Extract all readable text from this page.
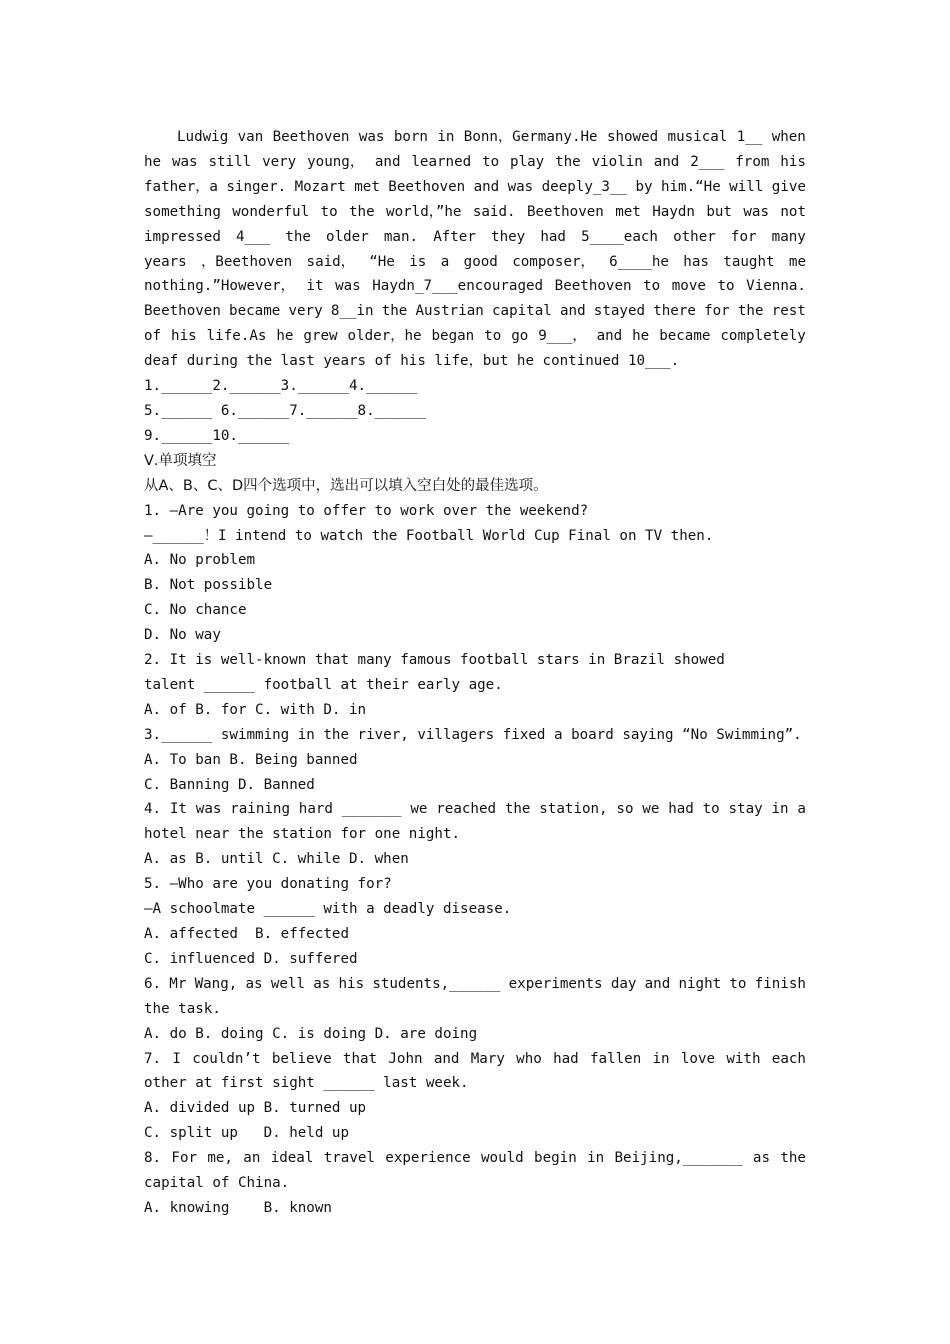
Ludwig van Beethoven was born in Bonn，Germany.He showed musical 1__ when
he was still very young， and learned to play the violin and 2___ from his
father，a singer. Mozart met Beethoven and was deeply_3__ by him.“He will give
something wonderful to the world，”he said. Beethoven met Haydn but was not
impressed 4___ the older man. After they had 5____each other for many
years ，Beethoven said， “He is a good composer， 6____he has taught me
nothing.”However， it was Haydn_7___encouraged Beethoven to move to Vienna.
Beethoven became very 8__in the Austrian capital and stayed there for the rest
of his life.As he grew older，he began to go 9___， and he became completely
deaf during the last years of his life，but he continued 10___.
1.______2.______3.______4.______
5.______ 6.______7.______8.______
9.______10.______
Ⅴ.单项填空
从A、B、C、D四个选项中，选出可以填入空白处的最佳选项。
1. —Are you going to offer to work over the weekend?
—______！I intend to watch the Football World Cup Final on TV then.
A. No problem
B. Not possible
C. No chance
D. No way
2. It is well-known that many famous football stars in Brazil showed
talent ______ football at their early age.
A. of B. for C. with D. in
3.______ swimming in the river, villagers fixed a board saying “No Swimming”.
A. To ban B. Being banned
C. Banning D. Banned
4. It was raining hard _______ we reached the station, so we had to stay in a
hotel near the station for one night.
A. as B. until C. while D. when
5. —Who are you donating for?
—A schoolmate ______ with a deadly disease.
A. affected  B. effected
C. influenced D. suffered
6. Mr Wang, as well as his students,______ experiments day and night to finish
the task.
A. do B. doing C. is doing D. are doing
7. I couldn’t believe that John and Mary who had fallen in love with each
other at first sight ______ last week.
A. divided up B. turned up
C. split up   D. held up
8. For me, an ideal travel experience would begin in Beijing,_______ as the
capital of China.
A. knowing    B. known
